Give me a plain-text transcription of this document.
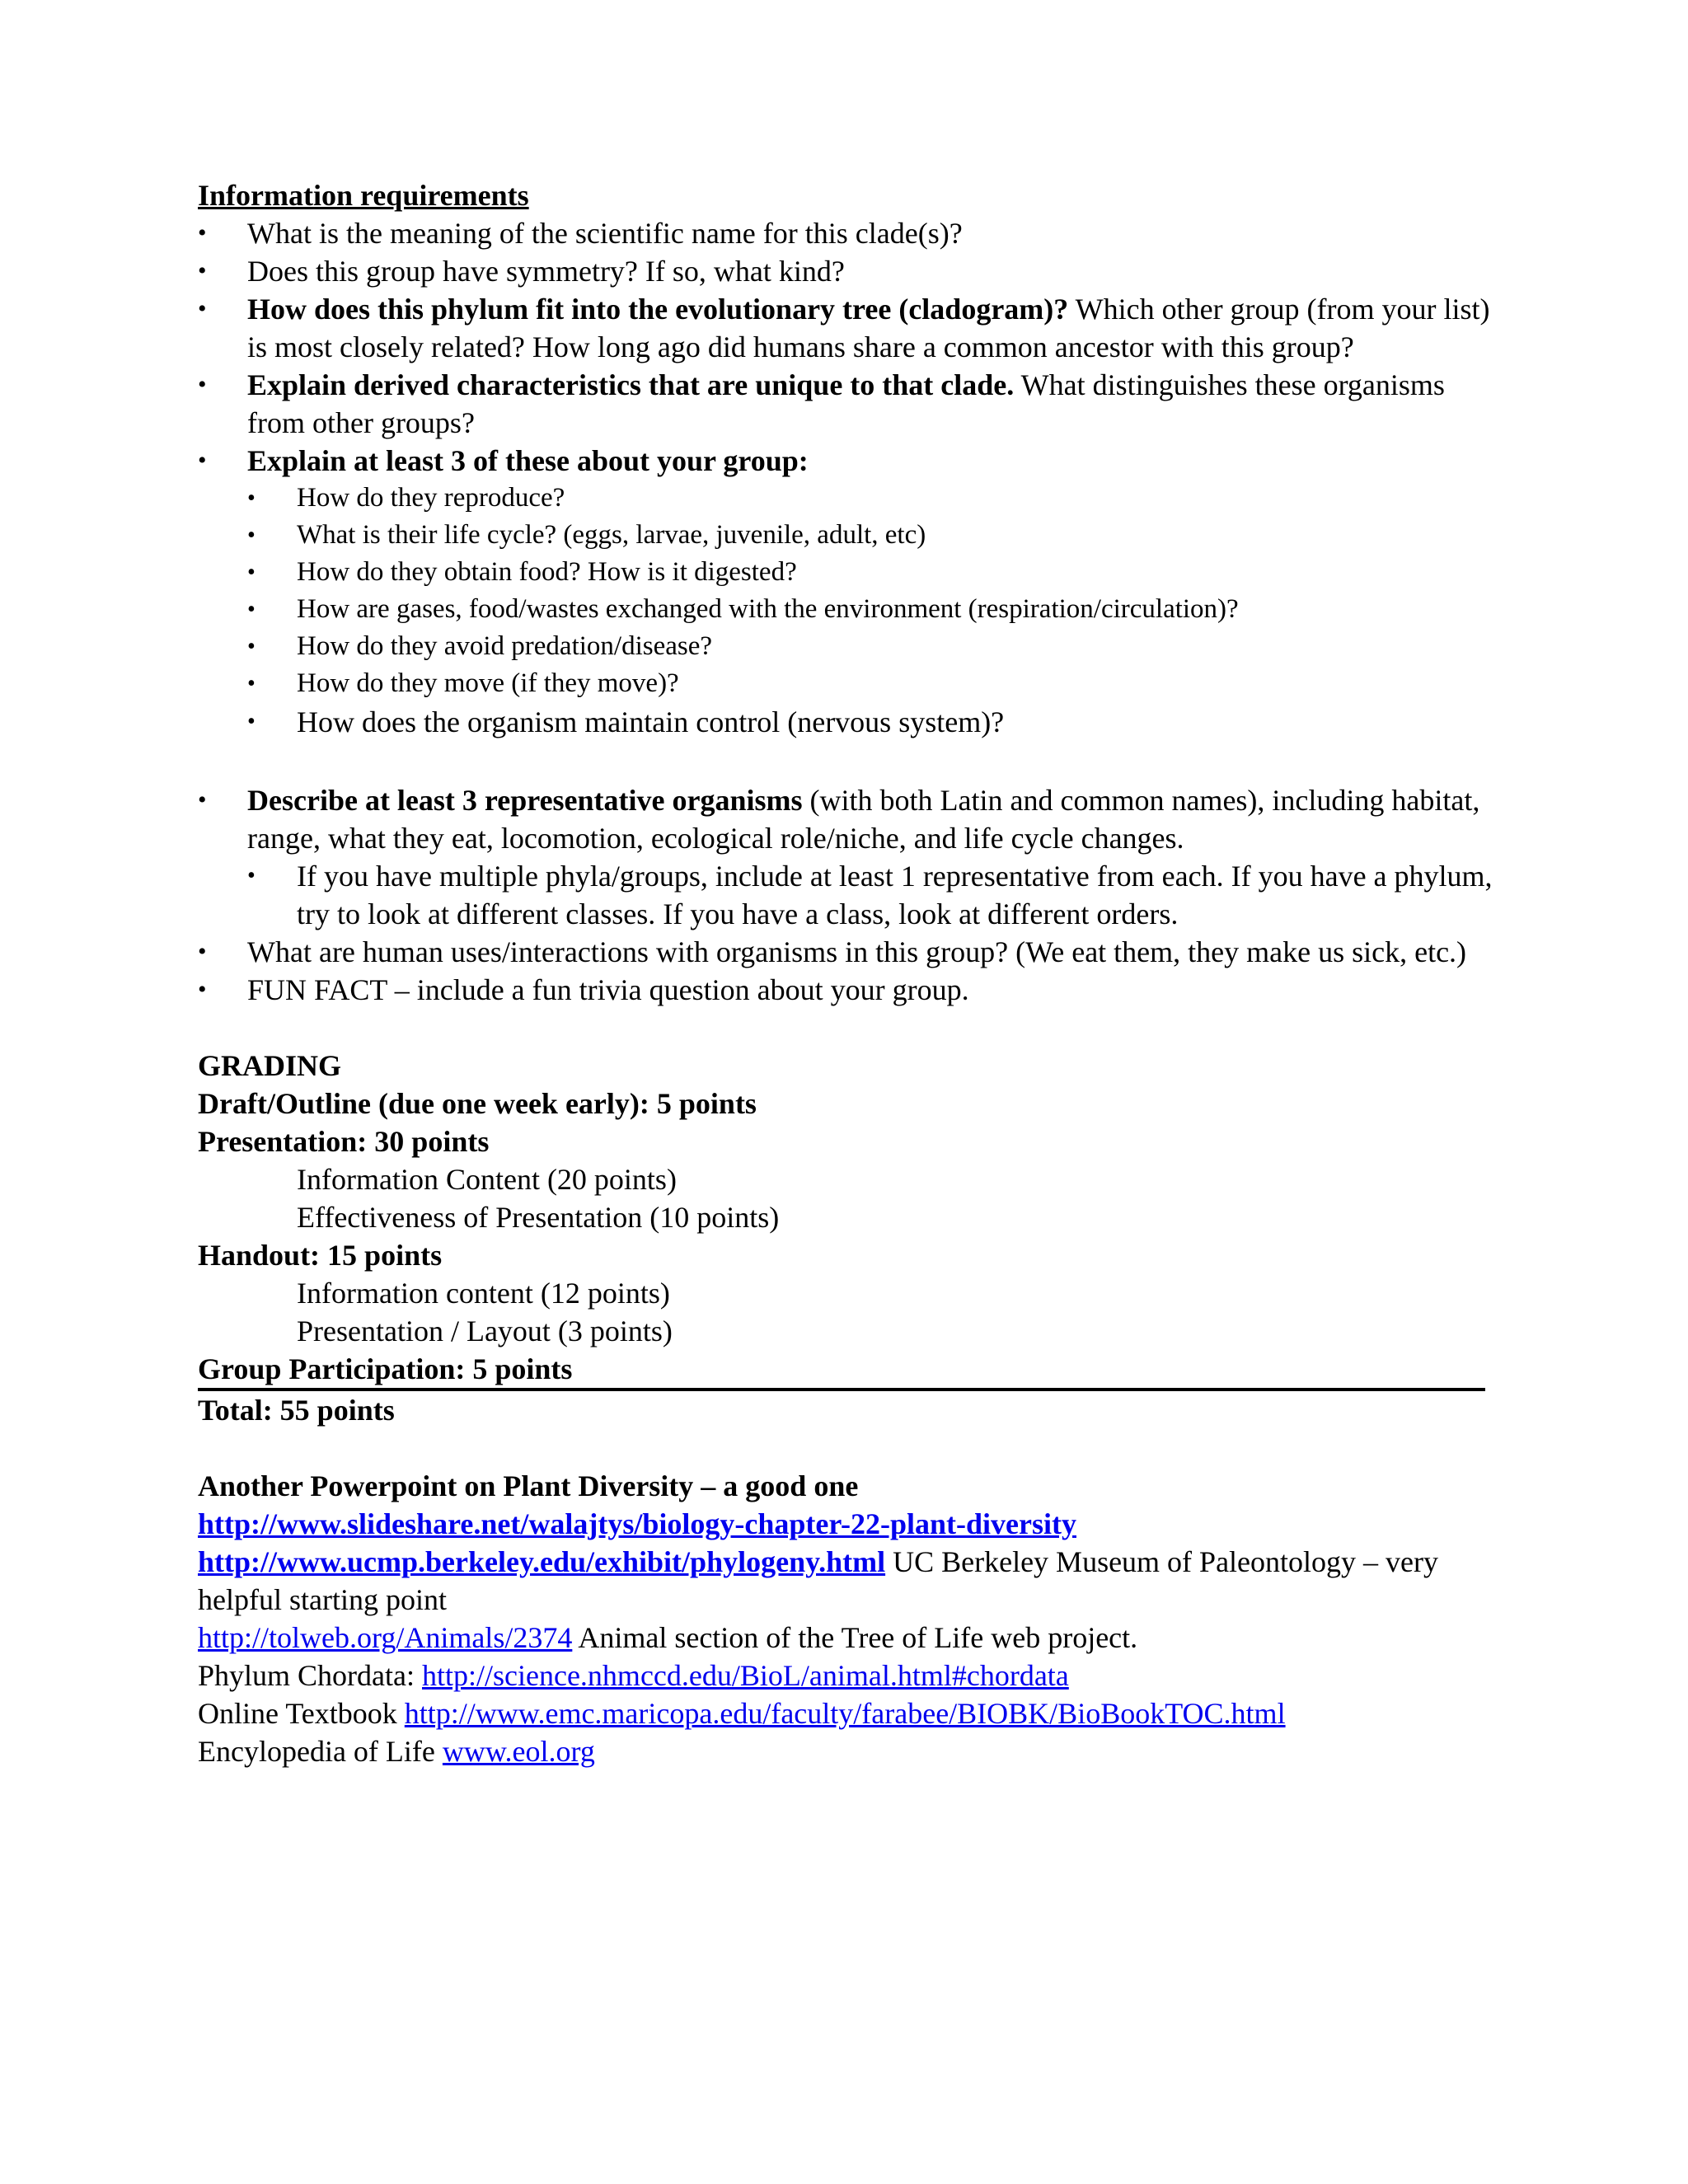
Information requirements
• What is the meaning of the scientific name for this clade(s)?
• Does this group have symmetry? If so, what kind?
• How does this phylum fit into the evolutionary tree (cladogram)? Which other group (from your list) is most closely related? How long ago did humans share a common ancestor with this group?
• Explain derived characteristics that are unique to that clade. What distinguishes these organisms from other groups?
• Explain at least 3 of these about your group:
• How do they reproduce?
• What is their life cycle? (eggs, larvae, juvenile, adult, etc)
• How do they obtain food? How is it digested?
• How are gases, food/wastes exchanged with the environment (respiration/circulation)?
• How do they avoid predation/disease?
• How do they move (if they move)?
• How does the organism maintain control (nervous system)?
• Describe at least 3 representative organisms (with both Latin and common names), including habitat, range, what they eat, locomotion, ecological role/niche, and life cycle changes.
• If you have multiple phyla/groups, include at least 1 representative from each. If you have a phylum, try to look at different classes. If you have a class, look at different orders.
• What are human uses/interactions with organisms in this group? (We eat them, they make us sick, etc.)
• FUN FACT – include a fun trivia question about your group.
GRADING
Draft/Outline (due one week early): 5 points
Presentation: 30 points
Information Content (20 points)
Effectiveness of Presentation (10 points)
Handout: 15 points
Information content (12 points)
Presentation / Layout (3 points)
Group Participation: 5 points
Total: 55 points
Another Powerpoint on Plant Diversity – a good one
http://www.slideshare.net/walajtys/biology-chapter-22-plant-diversity
http://www.ucmp.berkeley.edu/exhibit/phylogeny.html UC Berkeley Museum of Paleontology – very helpful starting point
http://tolweb.org/Animals/2374 Animal section of the Tree of Life web project.
Phylum Chordata: http://science.nhmccd.edu/BioL/animal.html#chordata
Online Textbook http://www.emc.maricopa.edu/faculty/farabee/BIOBK/BioBookTOC.html
Encylopedia of Life www.eol.org
